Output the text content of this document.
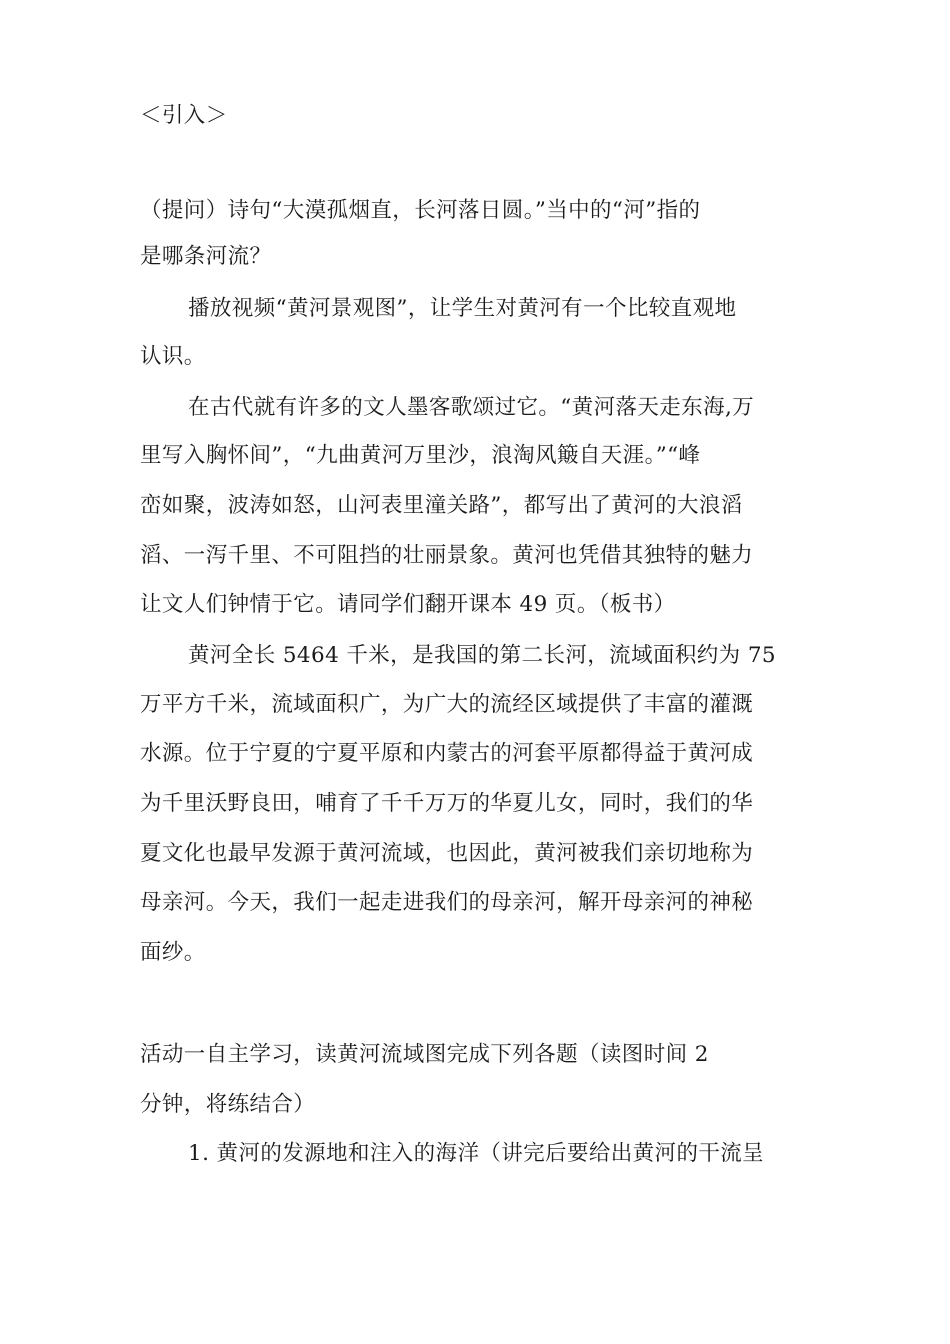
＜引入＞
（提问）诗句“大漠孤烟直，长河落日圆。”当中的“河”指的
是哪条河流？
播放视频“黄河景观图”，让学生对黄河有一个比较直观地
认识。
在古代就有许多的文人墨客歌颂过它。“黄河落天走东海,万
里写入胸怀间”，“九曲黄河万里沙，浪淘风簸自天涯。”“峰
峦如聚，波涛如怒，山河表里潼关路”，都写出了黄河的大浪滔
滔、一泻千里、不可阻挡的壮丽景象。黄河也凭借其独特的魅力
让文人们钟情于它。请同学们翻开课本 49 页。（板书）
黄河全长 5464 千米，是我国的第二长河，流域面积约为 75
万平方千米，流域面积广，为广大的流经区域提供了丰富的灌溉
水源。位于宁夏的宁夏平原和内蒙古的河套平原都得益于黄河成
为千里沃野良田，哺育了千千万万的华夏儿女，同时，我们的华
夏文化也最早发源于黄河流域，也因此，黄河被我们亲切地称为
母亲河。今天，我们一起走进我们的母亲河，解开母亲河的神秘
面纱。
活动一自主学习，读黄河流域图完成下列各题（读图时间 2
分钟，将练结合）
1. 黄河的发源地和注入的海洋（讲完后要给出黄河的干流呈
